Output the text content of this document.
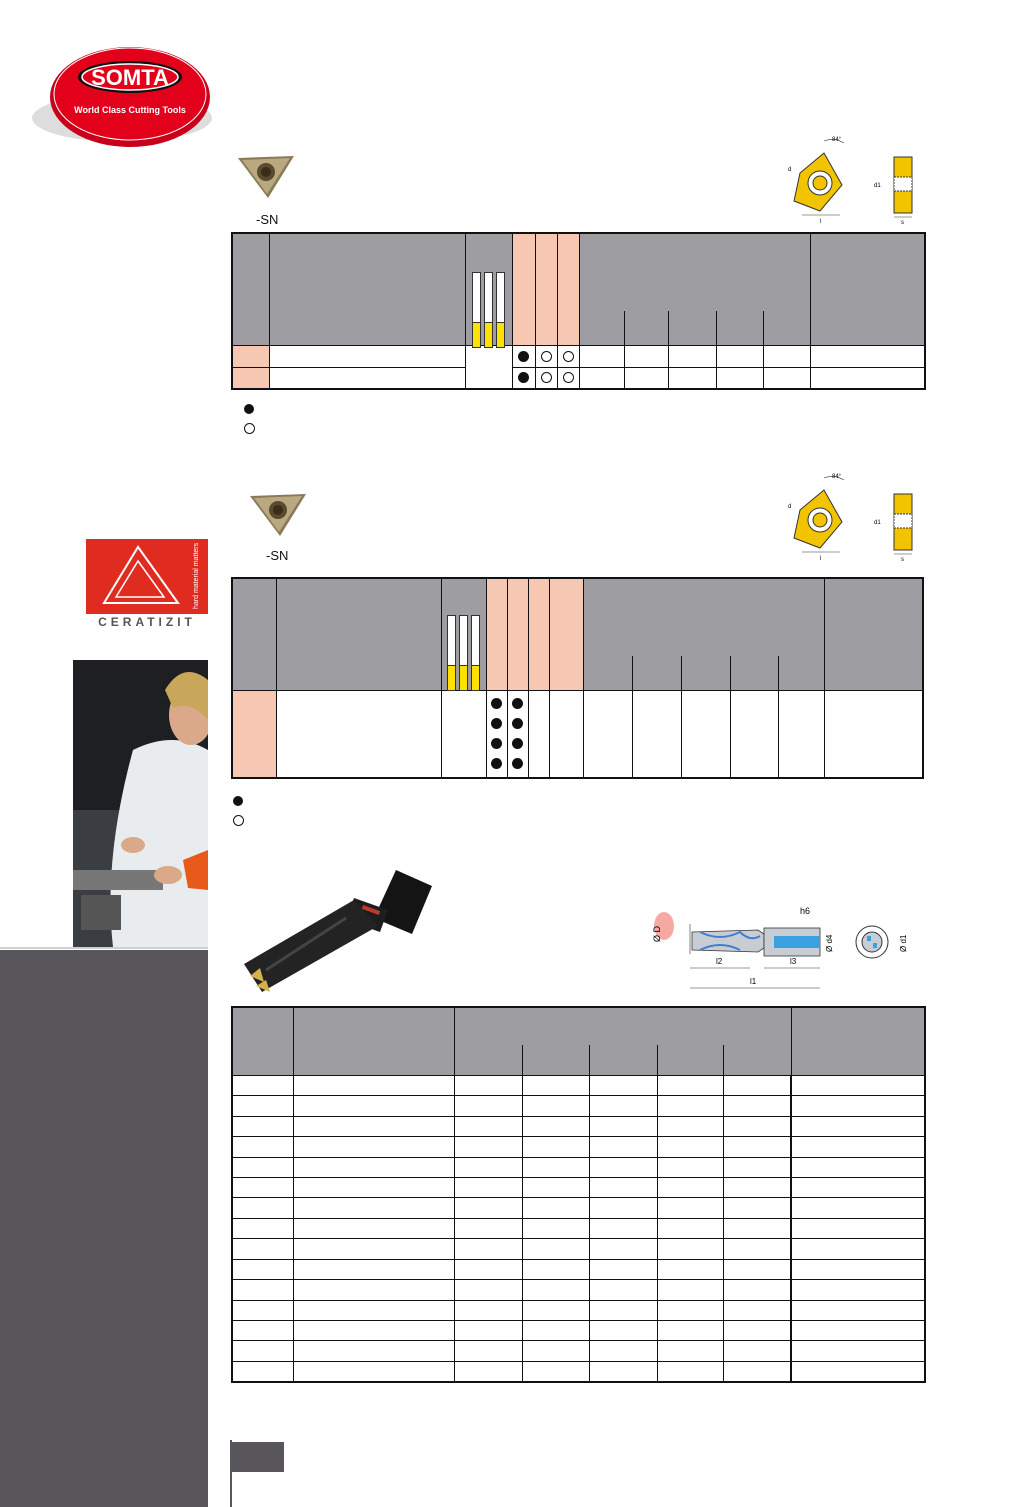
SOMTA
World Class Cutting Tools
hard material matters
CERATIZIT
-SN
84°
d
l
d1
s

-SN
84°
d
l
d1
s

Ø D
h6
Ø d4	Ø d1
l2	l3
l1
